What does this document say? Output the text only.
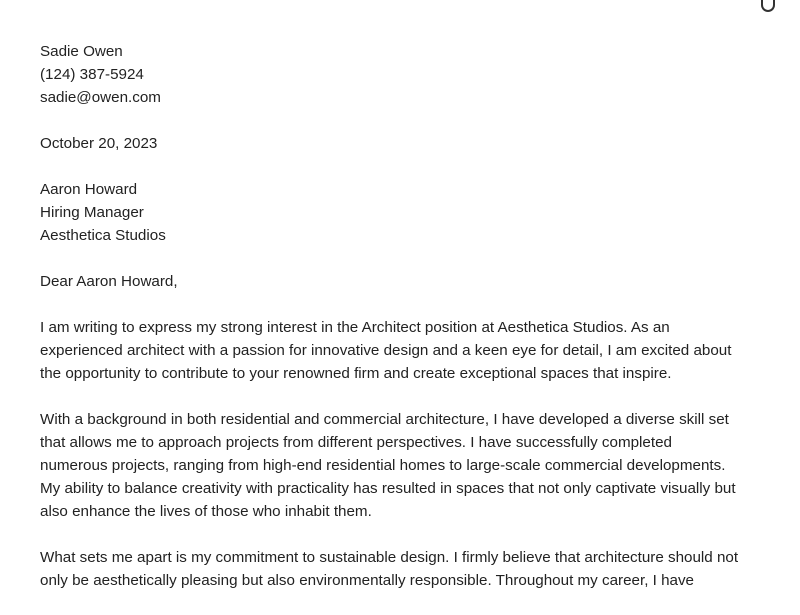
Sadie Owen
(124) 387-5924
sadie@owen.com
October 20, 2023
Aaron Howard
Hiring Manager
Aesthetica Studios
Dear Aaron Howard,
I am writing to express my strong interest in the Architect position at Aesthetica Studios. As an
experienced architect with a passion for innovative design and a keen eye for detail, I am excited about
the opportunity to contribute to your renowned firm and create exceptional spaces that inspire.
With a background in both residential and commercial architecture, I have developed a diverse skill set
that allows me to approach projects from different perspectives. I have successfully completed
numerous projects, ranging from high-end residential homes to large-scale commercial developments.
My ability to balance creativity with practicality has resulted in spaces that not only captivate visually but
also enhance the lives of those who inhabit them.
What sets me apart is my commitment to sustainable design. I firmly believe that architecture should not
only be aesthetically pleasing but also environmentally responsible. Throughout my career, I have
